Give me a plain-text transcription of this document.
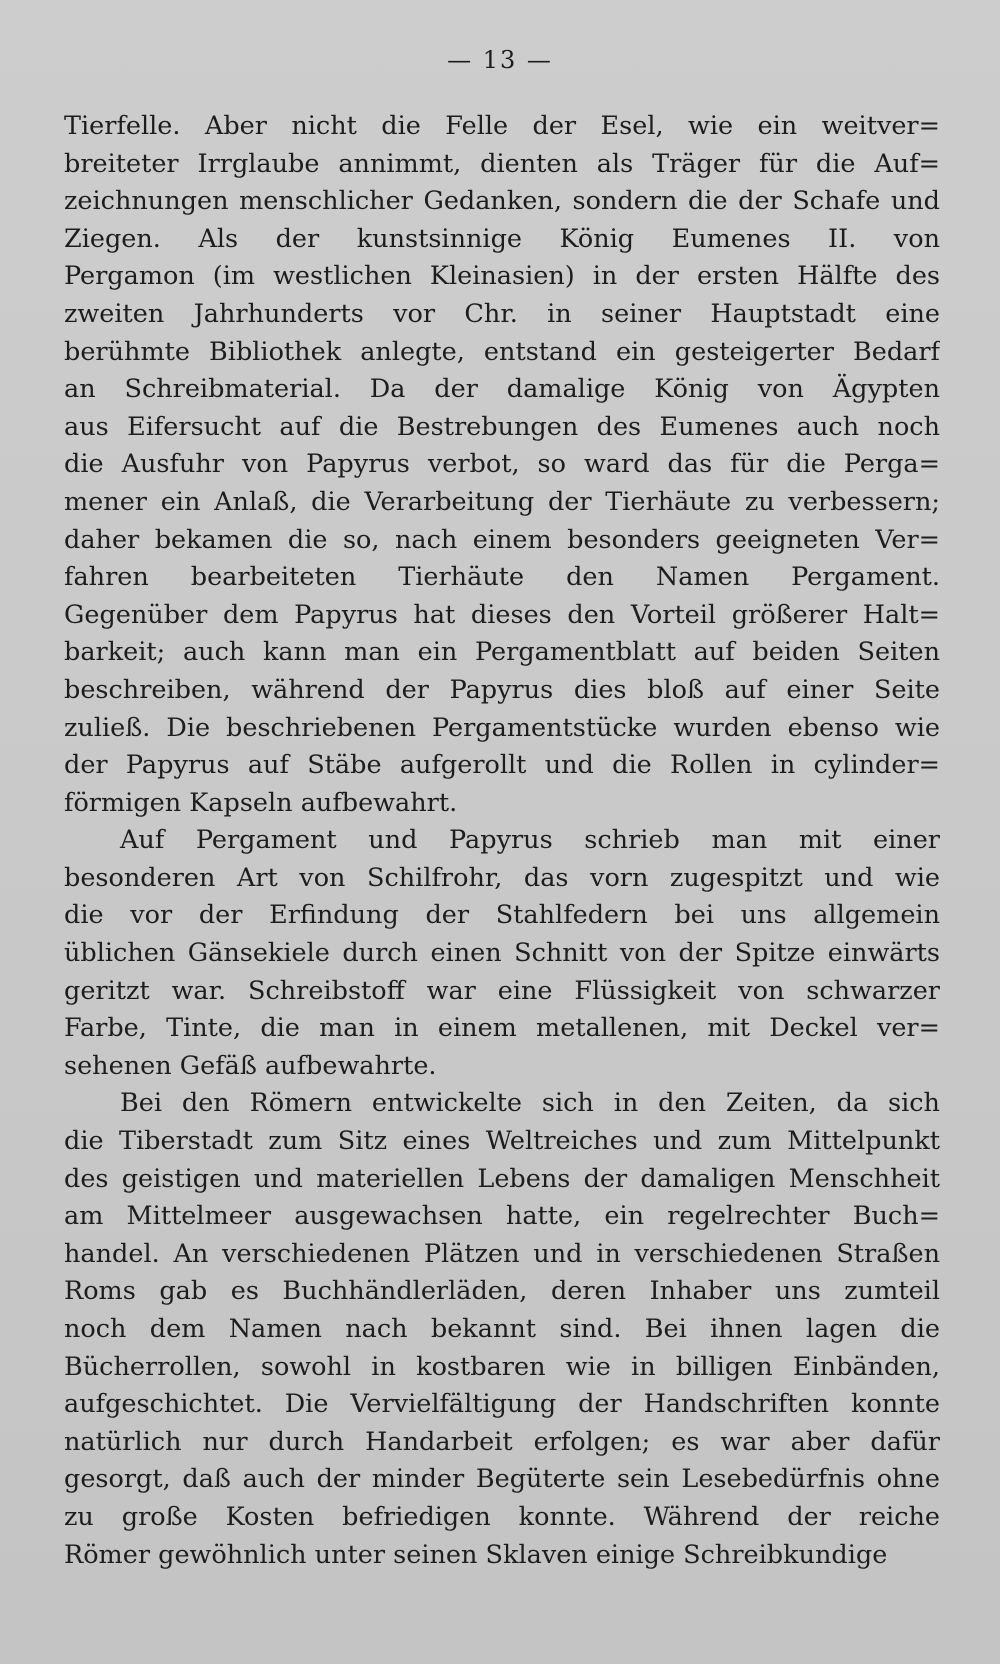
— 13 —
Tierfelle. Aber nicht die Felle der Esel, wie ein weitver=
breiteter Irrglaube annimmt, dienten als Träger für die Auf=
zeichnungen menschlicher Gedanken, sondern die der Schafe und
Ziegen. Als der kunstsinnige König Eumenes II. von
Pergamon (im westlichen Kleinasien) in der ersten Hälfte des
zweiten Jahrhunderts vor Chr. in seiner Hauptstadt eine
berühmte Bibliothek anlegte, entstand ein gesteigerter Bedarf
an Schreibmaterial. Da der damalige König von Ägypten
aus Eifersucht auf die Bestrebungen des Eumenes auch noch
die Ausfuhr von Papyrus verbot, so ward das für die Perga=
mener ein Anlaß, die Verarbeitung der Tierhäute zu verbessern;
daher bekamen die so, nach einem besonders geeigneten Ver=
fahren bearbeiteten Tierhäute den Namen Pergament.
Gegenüber dem Papyrus hat dieses den Vorteil größerer Halt=
barkeit; auch kann man ein Pergamentblatt auf beiden Seiten
beschreiben, während der Papyrus dies bloß auf einer Seite
zuließ. Die beschriebenen Pergamentstücke wurden ebenso wie
der Papyrus auf Stäbe aufgerollt und die Rollen in cylinder=
förmigen Kapseln aufbewahrt.
Auf Pergament und Papyrus schrieb man mit einer
besonderen Art von Schilfrohr, das vorn zugespitzt und wie
die vor der Erfindung der Stahlfedern bei uns allgemein
üblichen Gänsekiele durch einen Schnitt von der Spitze einwärts
geritzt war. Schreibstoff war eine Flüssigkeit von schwarzer
Farbe, Tinte, die man in einem metallenen, mit Deckel ver=
sehenen Gefäß aufbewahrte.
Bei den Römern entwickelte sich in den Zeiten, da sich
die Tiberstadt zum Sitz eines Weltreiches und zum Mittelpunkt
des geistigen und materiellen Lebens der damaligen Menschheit
am Mittelmeer ausgewachsen hatte, ein regelrechter Buch=
handel. An verschiedenen Plätzen und in verschiedenen Straßen
Roms gab es Buchhändlerläden, deren Inhaber uns zumteil
noch dem Namen nach bekannt sind. Bei ihnen lagen die
Bücherrollen, sowohl in kostbaren wie in billigen Einbänden,
aufgeschichtet. Die Vervielfältigung der Handschriften konnte
natürlich nur durch Handarbeit erfolgen; es war aber dafür
gesorgt, daß auch der minder Begüterte sein Lesebedürfnis ohne
zu große Kosten befriedigen konnte. Während der reiche
Römer gewöhnlich unter seinen Sklaven einige Schreibkundige
